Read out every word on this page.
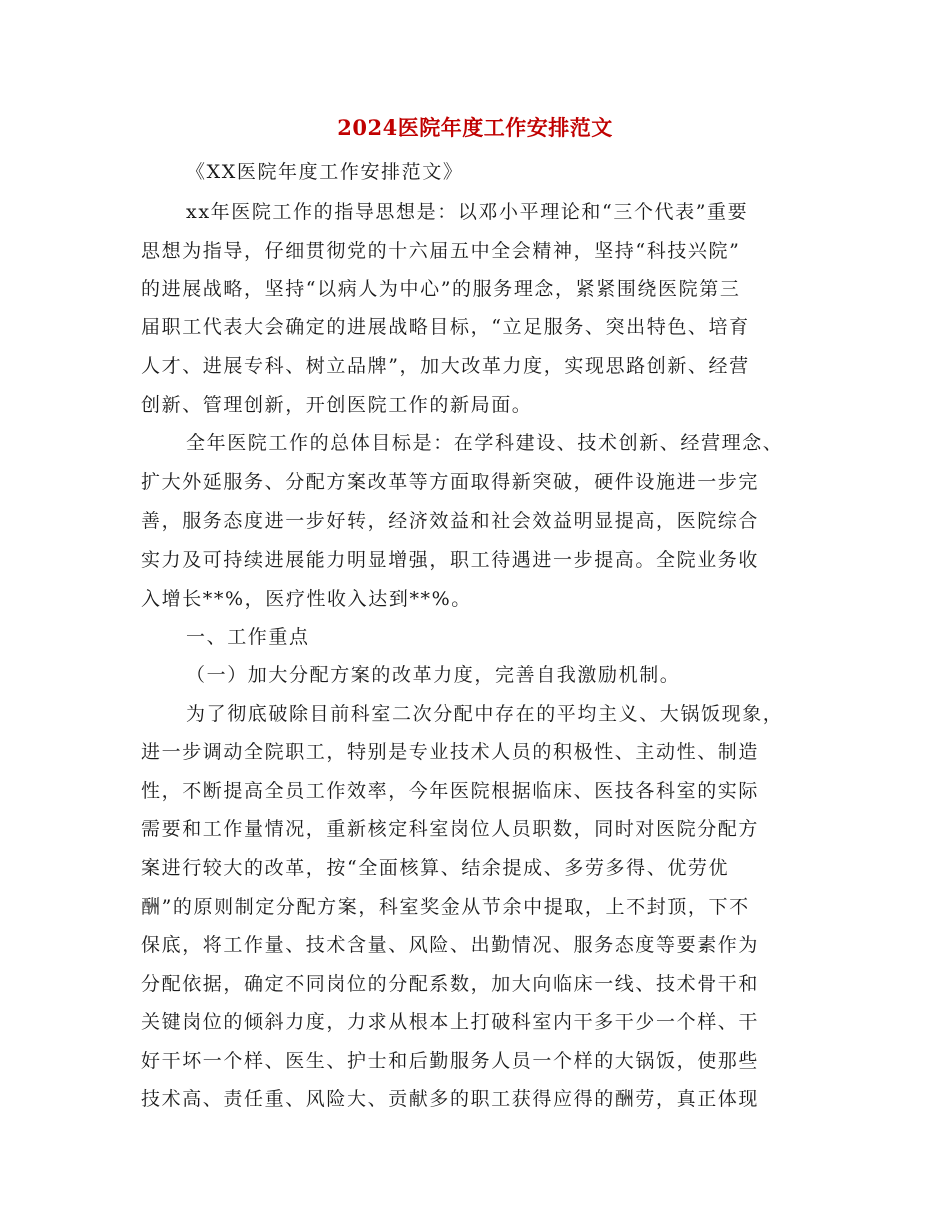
2024医院年度工作安排范文
《XX医院年度工作安排范文》
xx年医院工作的指导思想是：以邓小平理论和“三个代表”重要
思想为指导，仔细贯彻党的十六届五中全会精神，坚持“科技兴院”
的进展战略，坚持“以病人为中心”的服务理念，紧紧围绕医院第三
届职工代表大会确定的进展战略目标，“立足服务、突出特色、培育
人才、进展专科、树立品牌”，加大改革力度，实现思路创新、经营
创新、管理创新，开创医院工作的新局面。
全年医院工作的总体目标是：在学科建设、技术创新、经营理念、
扩大外延服务、分配方案改革等方面取得新突破，硬件设施进一步完
善，服务态度进一步好转，经济效益和社会效益明显提高，医院综合
实力及可持续进展能力明显增强，职工待遇进一步提高。全院业务收
入增长**%，医疗性收入达到**%。
一、工作重点
（一）加大分配方案的改革力度，完善自我激励机制。
为了彻底破除目前科室二次分配中存在的平均主义、大锅饭现象，
进一步调动全院职工，特别是专业技术人员的积极性、主动性、制造
性，不断提高全员工作效率，今年医院根据临床、医技各科室的实际
需要和工作量情况，重新核定科室岗位人员职数，同时对医院分配方
案进行较大的改革，按“全面核算、结余提成、多劳多得、优劳优
酬”的原则制定分配方案，科室奖金从节余中提取，上不封顶，下不
保底，将工作量、技术含量、风险、出勤情况、服务态度等要素作为
分配依据，确定不同岗位的分配系数，加大向临床一线、技术骨干和
关键岗位的倾斜力度，力求从根本上打破科室内干多干少一个样、干
好干坏一个样、医生、护士和后勤服务人员一个样的大锅饭，使那些
技术高、责任重、风险大、贡献多的职工获得应得的酬劳，真正体现
